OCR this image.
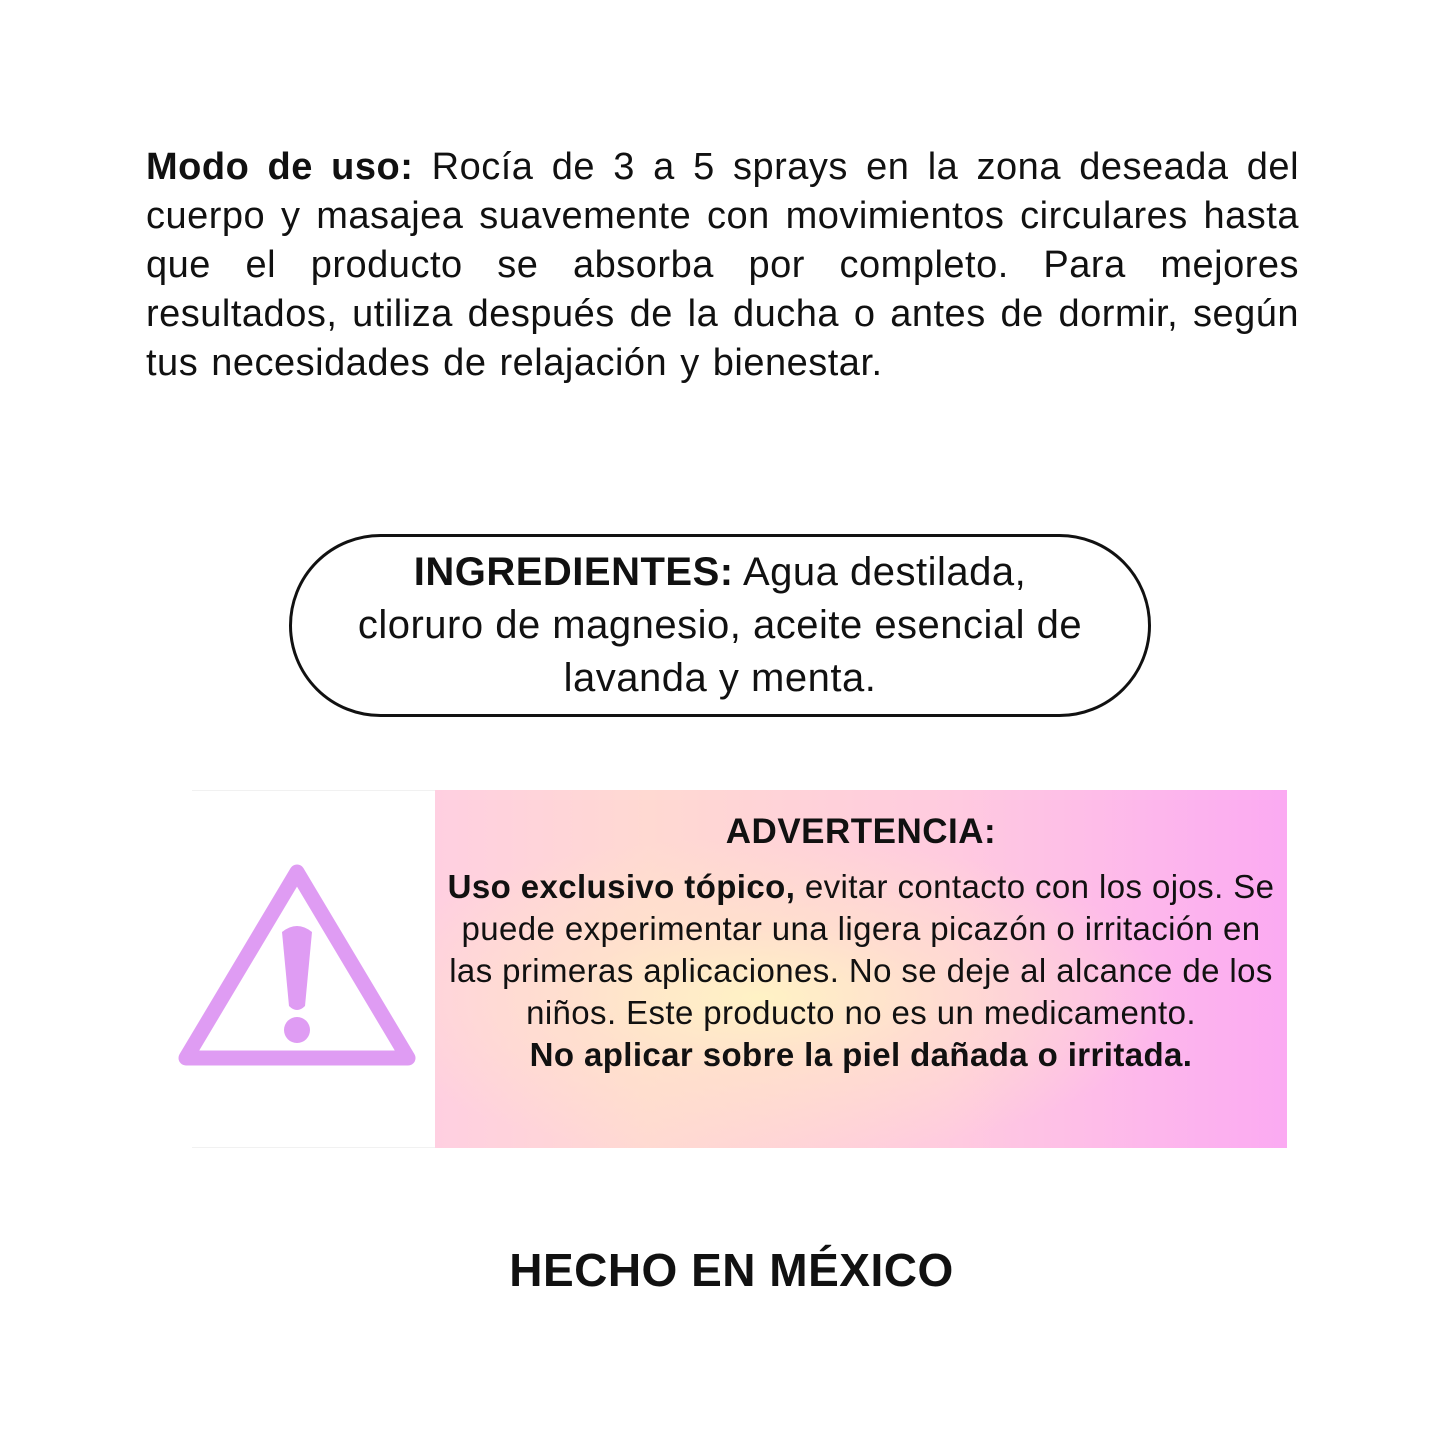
Modo de uso: Rocía de 3 a 5 sprays en la zona deseada del cuerpo y masajea suavemente con movimientos circulares hasta que el producto se absorba por completo. Para mejores resultados, utiliza después de la ducha o antes de dormir, según tus necesidades de relajación y bienestar.
INGREDIENTES: Agua destilada, cloruro de magnesio, aceite esencial de lavanda y menta.
ADVERTENCIA:
Uso exclusivo tópico, evitar contacto con los ojos. Se puede experimentar una ligera picazón o irritación en las primeras aplicaciones. No se deje al alcance de los niños. Este producto no es un medicamento.
No aplicar sobre la piel dañada o irritada.
HECHO EN MÉXICO
